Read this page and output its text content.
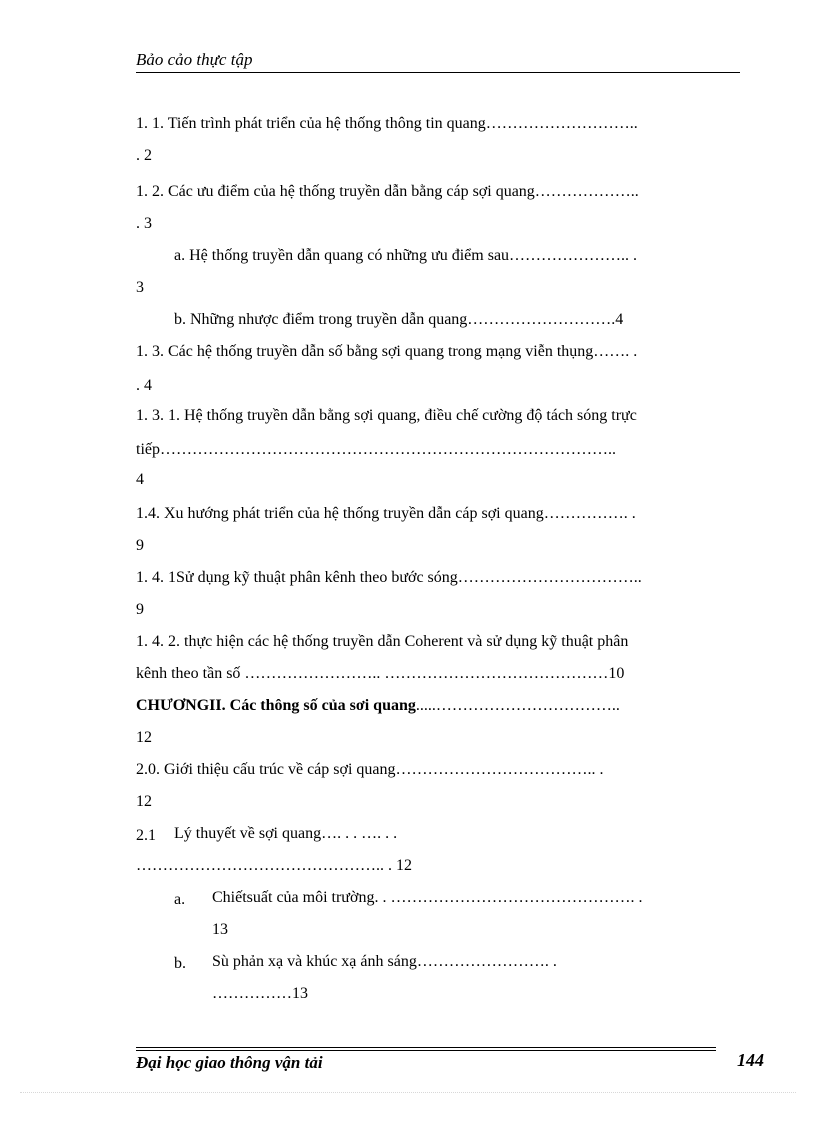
Bảo cảo thực tập
1. 1. Tiến trình phát triển của hệ thống thông tin quang………………………..
. 2
1. 2. Các ưu điểm của hệ thống truyền dẫn bằng cáp sợi quang………………..
. 3
a. Hệ thống truyền dẫn quang có những ưu điểm sau………………….. .
3
b. Những nhược điểm trong truyền dẫn quang……………………….4
1. 3. Các hệ thống truyền dẫn số bằng sợi quang trong mạng viễn thụng……. .
. 4
1. 3. 1. Hệ thống truyền dẫn bằng sợi quang, điều chế cường độ tách sóng trực
tiếp…………………………………………………………………………..
4
1.4. Xu hướng phát triển của hệ thống truyền dẫn cáp sợi quang……………. .
9
1. 4. 1Sử dụng kỹ thuật phân kênh theo bước sóng……………………………..
9
1. 4. 2. thực hiện các hệ thống truyền dẫn Coherent và sử dụng kỹ thuật phân
kênh theo tần số …………………….. ……………………………………10
CHƯƠNGII. Các thông số của sơi quang.....……………………………..
12
2.0. Giới thiệu cấu trúc về cáp sợi quang……………………………….. .
12
2.1 Lý thuyết về sợi quang…. . . …. . .
……………………………………….. . 12
a. Chiếtsuất của môi trường. . ………………………………………. .
13
b. Sù phản xạ và khúc xạ ánh sáng……………………. .
……………13
Đại học giao thông vận tải	144
